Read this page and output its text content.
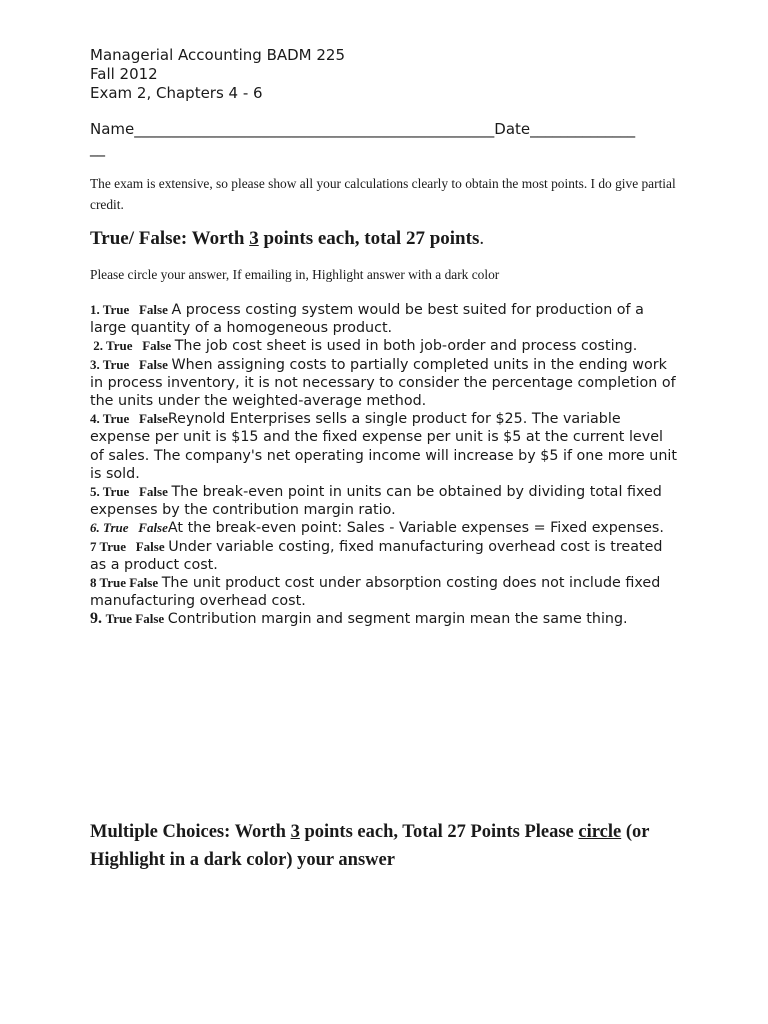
Managerial Accounting BADM 225
Fall 2012
Exam 2, Chapters 4 - 6
Name________________________________________________Date______________
__
The exam is extensive, so please show all your calculations clearly to obtain the most points. I do give partial credit.
True/ False: Worth 3 points each, total 27 points.
Please circle your answer, If emailing in, Highlight answer with a dark color
1. True   False A process costing system would be best suited for production of a large quantity of a homogeneous product.
2. True   False The job cost sheet is used in both job-order and process costing.
3. True   False When assigning costs to partially completed units in the ending work in process inventory, it is not necessary to consider the percentage completion of the units under the weighted-average method.
4. True   FalseReynold Enterprises sells a single product for $25. The variable expense per unit is $15 and the fixed expense per unit is $5 at the current level of sales. The company's net operating income will increase by $5 if one more unit is sold.
5. True   False The break-even point in units can be obtained by dividing total fixed expenses by the contribution margin ratio.
6. True   FalseAt the break-even point: Sales - Variable expenses = Fixed expenses.
7 True   False Under variable costing, fixed manufacturing overhead cost is treated as a product cost.
8 True False The unit product cost under absorption costing does not include fixed manufacturing overhead cost.
9. True False Contribution margin and segment margin mean the same thing.
Multiple Choices: Worth 3 points each, Total 27 Points Please circle (or Highlight in a dark color) your answer
